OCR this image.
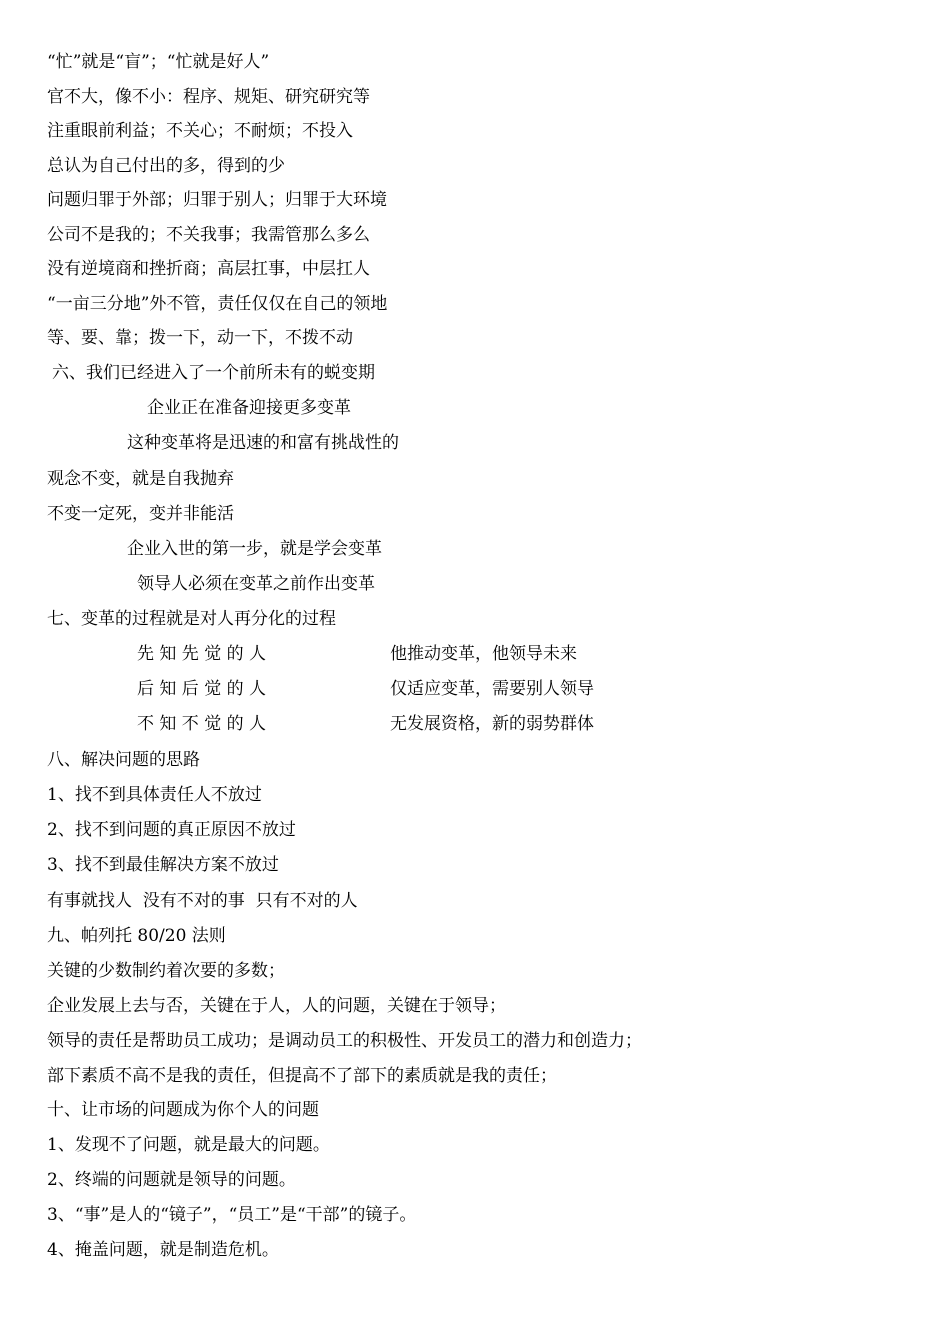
“忙”就是“盲”；“忙就是好人”
官不大，像不小：程序、规矩、研究研究等
注重眼前利益；不关心；不耐烦；不投入
总认为自己付出的多，得到的少
问题归罪于外部；归罪于别人；归罪于大环境
公司不是我的；不关我事；我需管那么多么
没有逆境商和挫折商；高层扛事，中层扛人
“一亩三分地”外不管，责任仅仅在自己的领地
等、要、靠；拨一下，动一下，不拨不动
六、我们已经进入了一个前所未有的蜕变期
企业正在准备迎接更多变革
这种变革将是迅速的和富有挑战性的
观念不变，就是自我抛弃
不变一定死，变并非能活
企业入世的第一步，就是学会变革
领导人必须在变革之前作出变革
七、变革的过程就是对人再分化的过程
先 知 先 觉 的 人	他推动变革，他领导未来
后 知 后 觉 的 人	仅适应变革，需要别人领导
不 知 不 觉 的 人	无发展资格，新的弱势群体
八、解决问题的思路
1、找不到具体责任人不放过
2、找不到问题的真正原因不放过
3、找不到最佳解决方案不放过
有事就找人  没有不对的事  只有不对的人
九、帕列托 80/20 法则
关键的少数制约着次要的多数；
企业发展上去与否，关键在于人，人的问题，关键在于领导；
领导的责任是帮助员工成功；是调动员工的积极性、开发员工的潜力和创造力；
部下素质不高不是我的责任，但提高不了部下的素质就是我的责任；
十、让市场的问题成为你个人的问题
1、发现不了问题，就是最大的问题。
2、终端的问题就是领导的问题。
3、“事”是人的“镜子”，“员工”是“干部”的镜子。
4、掩盖问题，就是制造危机。
